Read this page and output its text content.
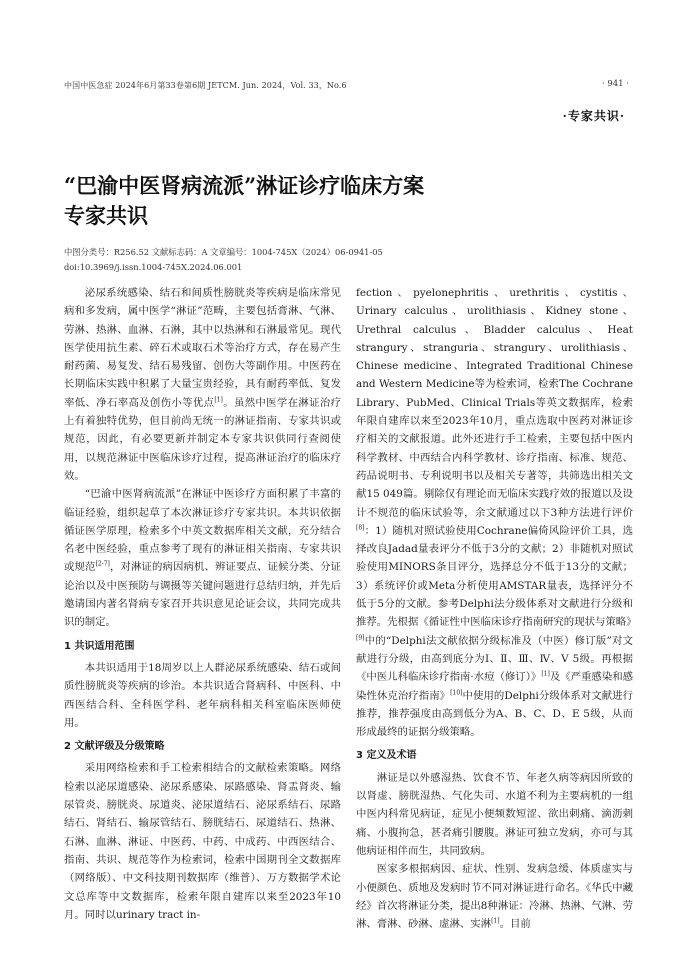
中国中医急症 2024年6月第33卷第6期 JETCM. Jun. 2024，Vol. 33，No.6	· 941 ·
·专家共识·
“巴渝中医肾病流派”淋证诊疗临床方案
专家共识
中图分类号：R256.52 文献标志码：A 文章编号：1004-745X（2024）06-0941-05
doi:10.3969/j.issn.1004-745X.2024.06.001

泌尿系统感染、结石和间质性膀胱炎等疾病是临床常见病和多发病，属中医学“淋证”范畴，主要包括膏淋、气淋、劳淋、热淋、血淋、石淋，其中以热淋和石淋最常见。现代医学使用抗生素、碎石术或取石术等治疗方式，存在易产生耐药菌、易复发、结石易残留、创伤大等副作用。中医药在长期临床实践中积累了大量宝贵经验，具有耐药率低、复发率低、净石率高及创伤小等优点[1]。虽然中医学在淋证治疗上有着独特优势，但目前尚无统一的淋证指南、专家共识或规范，因此，有必要更新并制定本专家共识供同行查阅使用，以规范淋证中医临床诊疗过程，提高淋证治疗的临床疗效。

“巴渝中医肾病流派”在淋证中医诊疗方面积累了丰富的临证经验，组织起草了本次淋证诊疗专家共识。本共识依据循证医学原理，检索多个中英文数据库相关文献，充分结合名老中医经验，重点参考了现有的淋证相关指南、专家共识或规范[2-7]，对淋证的病因病机、辨证要点、证候分类、分证论治以及中医预防与调摄等关键问题进行总结归纳，并先后邀请国内著名肾病专家召开共识意见论证会议，共同完成共识的制定。

1 共识适用范围

本共识适用于18周岁以上人群泌尿系统感染、结石或间质性膀胱炎等疾病的诊治。本共识适合肾病科、中医科、中西医结合科、全科医学科、老年病科相关科室临床医师使用。

2 文献评级及分级策略

采用网络检索和手工检索相结合的文献检索策略。网络检索以泌尿道感染、泌尿系感染、尿路感染、肾盂肾炎、输尿管炎、膀胱炎、尿道炎、泌尿道结石、泌尿系结石、尿路结石、肾结石、输尿管结石、膀胱结石、尿道结石、热淋、石淋、血淋、淋证、中医药、中药、中成药、中西医结合、指南、共识、规范等作为检索词，检索中国期刊全文数据库（网络版）、中文科技期刊数据库（维普）、万方数据学术论文总库等中文数据库，检索年限自建库以来至2023年10月。同时以urinary tract in-

fection、pyelonephritis、urethritis、cystitis、Urinary calculus、urolithiasis、Kidney stone、Urethral calculus、Bladder calculus、Heat strangury、stranguria、strangury、urolithiasis、Chinese medicine、Integrated Traditional Chinese and Western Medicine等为检索词，检索The Cochrane Library、PubMed、Clinical Trials等英文数据库，检索年限自建库以来至2023年10月，重点选取中医药对淋证诊疗相关的文献报道。此外还进行手工检索，主要包括中医内科学教材、中西结合内科学教材、诊疗指南、标准、规范、药品说明书、专利说明书以及相关专著等，共筛选出相关文献15 049篇。剔除仅有理论而无临床实践疗效的报道以及设计不规范的临床试验等，余文献通过以下3种方法进行评价[8]：1）随机对照试验使用Cochrane偏倚风险评价工具，选择改良Jadad量表评分不低于3分的文献；2）非随机对照试验使用MINORS条目评分，选择总分不低于13分的文献；3）系统评价或Meta分析使用AMSTAR量表，选择评分不低于5分的文献。参考Delphi法分级体系对文献进行分级和推荐。先根据《循证性中医临床诊疗指南研究的现状与策略》[9]中的“Delphi法文献依据分级标准及（中医）修订版”对文献进行分级，由高到底分为Ⅰ、Ⅱ、Ⅲ、Ⅳ、Ⅴ 5级。再根据《中医儿科临床诊疗指南·水痘（修订）》[1]及《严重感染和感染性休克治疗指南》[10]中使用的Delphi分级体系对文献进行推荐，推荐强度由高到低分为A、B、C、D、E 5级，从而形成最终的证据分级策略。

3 定义及术语

淋证是以外感湿热、饮食不节、年老久病等病因所致的以肾虚、膀胱湿热、气化失司、水道不利为主要病机的一组中医内科常见病证，症见小便频数短涩、欲出刺痛、滴沥刺痛、小腹拘急，甚者痛引腰腹。淋证可独立发病，亦可与其他病证相伴而生，共同致病。

医家多根据病因、症状、性别、发病急缓、体质虚实与小便颜色、质地及发病时节不同对淋证进行命名。《华氏中藏经》首次将淋证分类，提出8种淋证：冷淋、热淋、气淋、劳淋、膏淋、砂淋、虚淋、实淋[1]。目前
